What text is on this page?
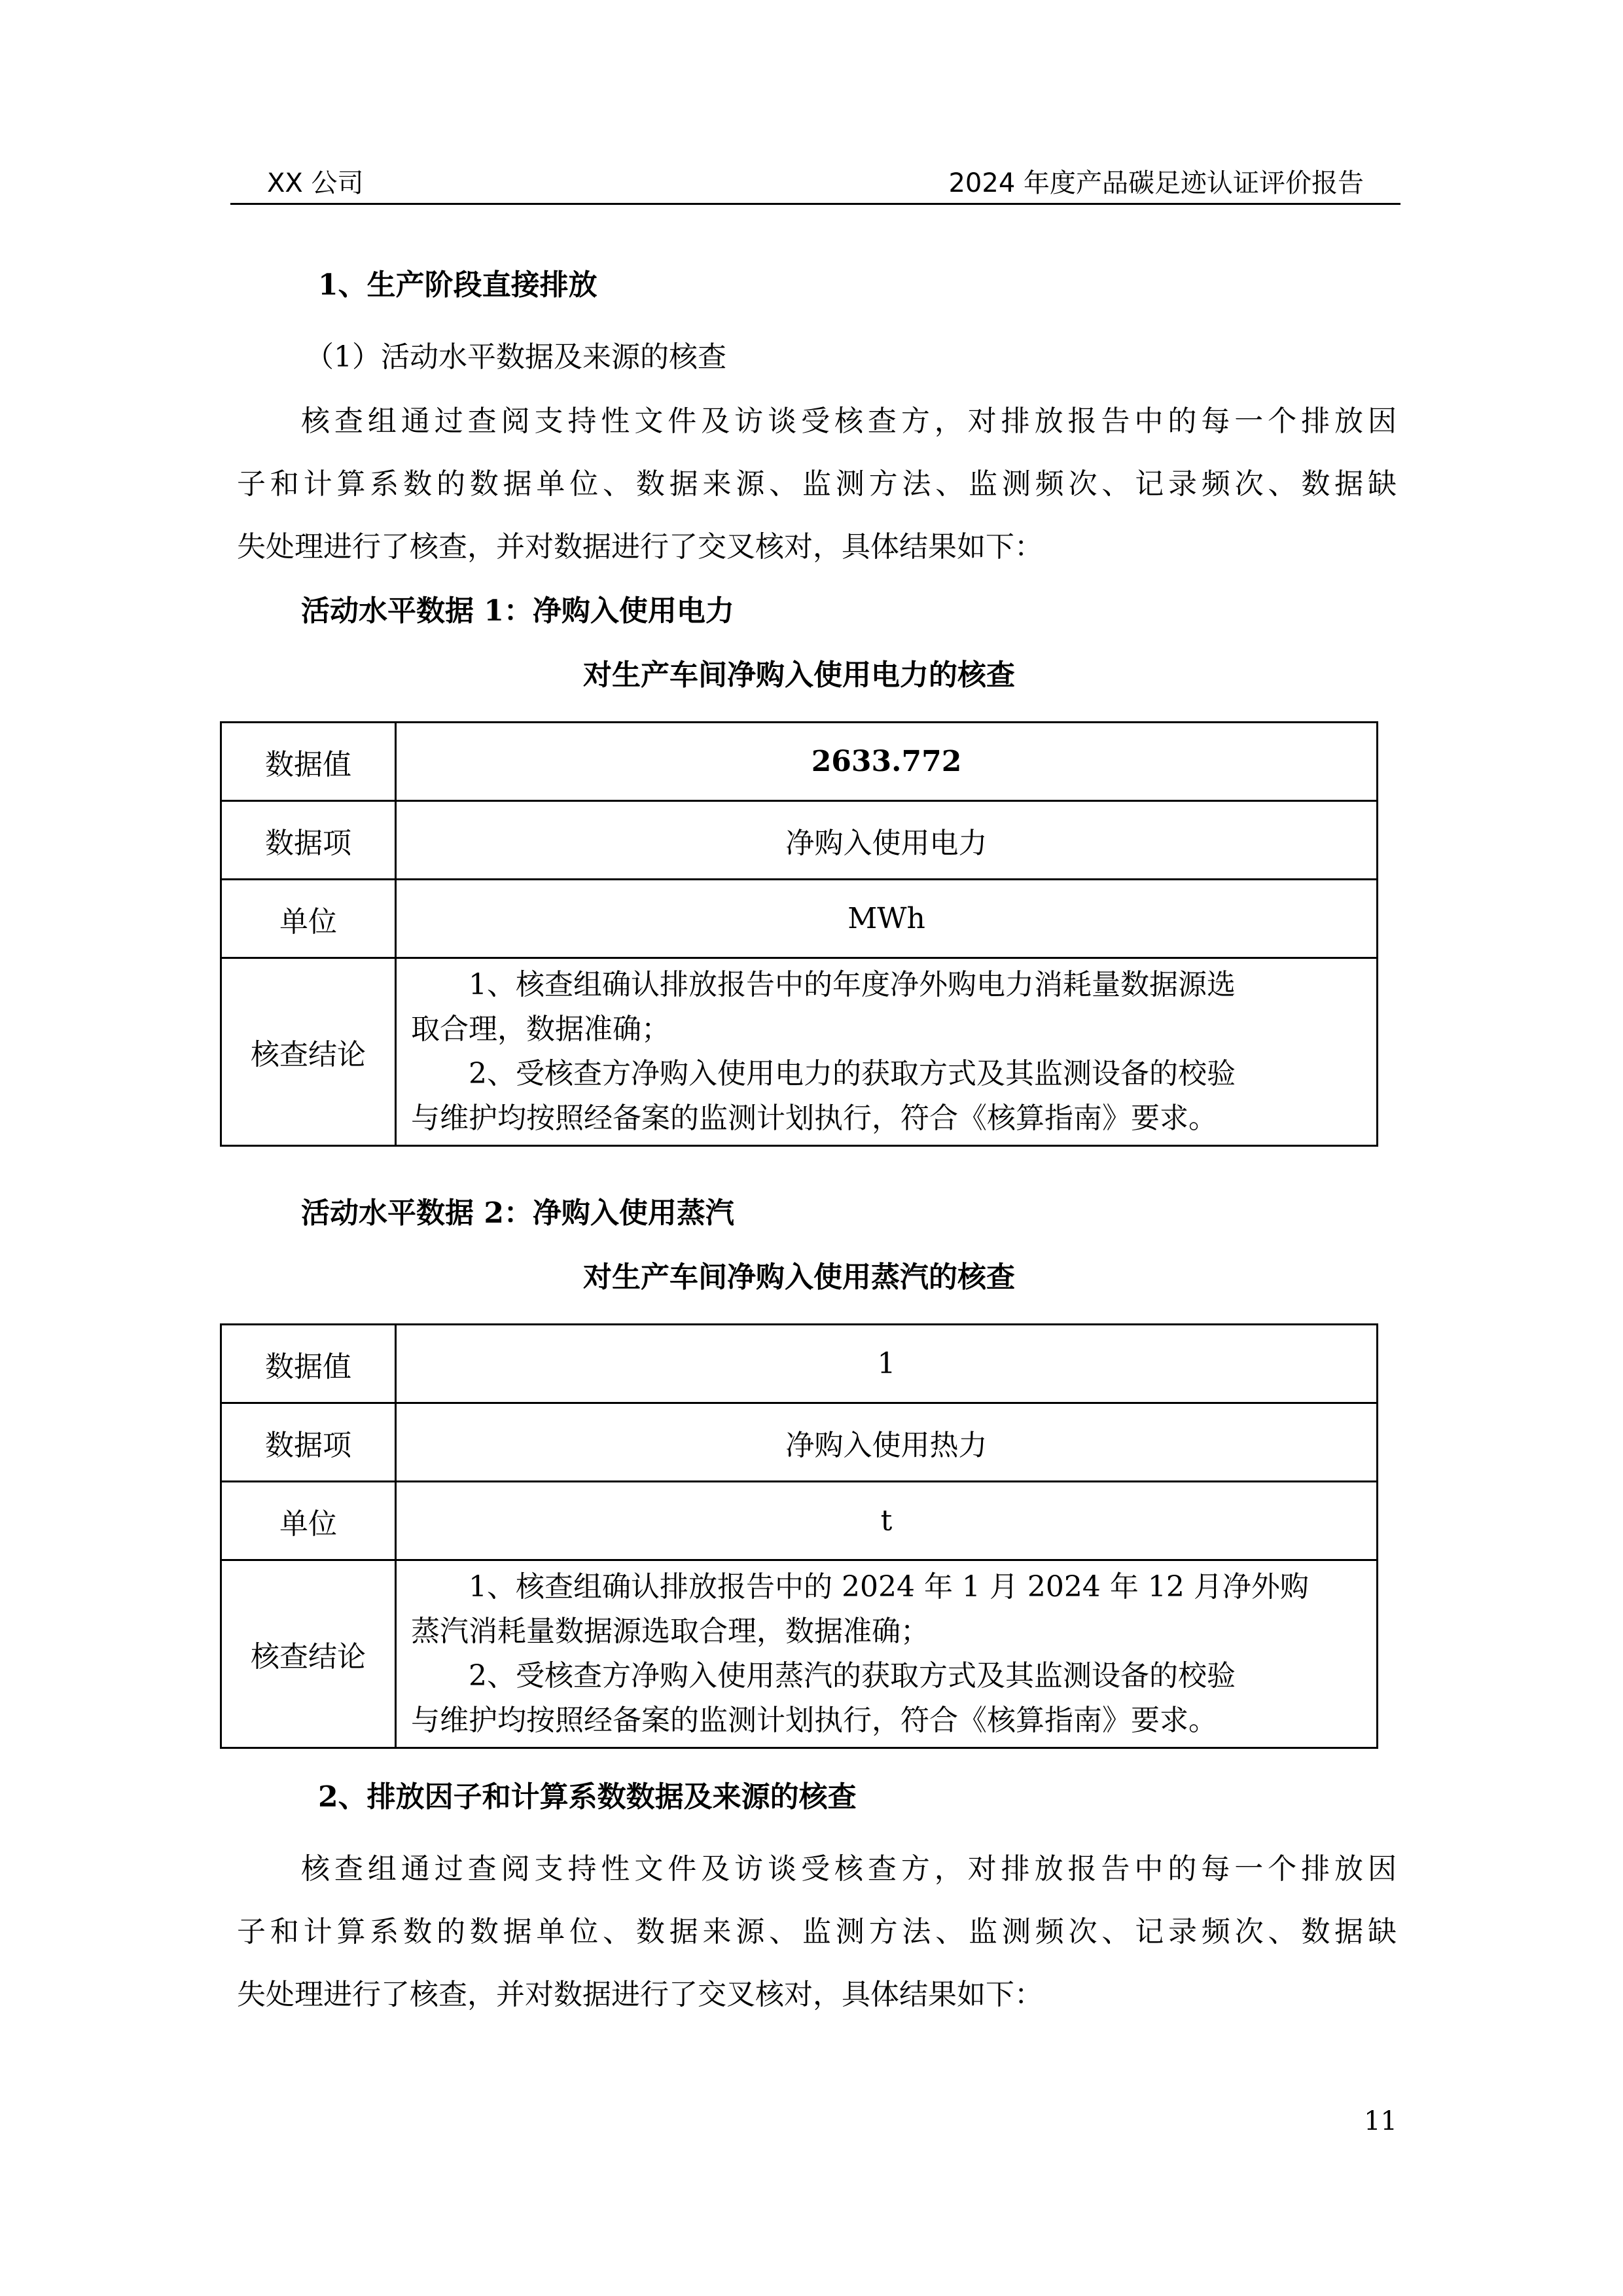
XX 公司	2024 年度产品碳足迹认证评价报告
1、生产阶段直接排放
（1）活动水平数据及来源的核查
核查组通过查阅支持性文件及访谈受核查方，对排放报告中的每一个排放因
子和计算系数的数据单位、数据来源、监测方法、监测频次、记录频次、数据缺
失处理进行了核查，并对数据进行了交叉核对，具体结果如下：
活动水平数据 1：净购入使用电力
对生产车间净购入使用电力的核查
数据值	2633.772
数据项	净购入使用电力
单位	MWh
核查结论	1、核查组确认排放报告中的年度净外购电力消耗量数据源选
取合理，数据准确；
2、受核查方净购入使用电力的获取方式及其监测设备的校验
与维护均按照经备案的监测计划执行，符合《核算指南》要求。
活动水平数据 2：净购入使用蒸汽
对生产车间净购入使用蒸汽的核查
数据值	1
数据项	净购入使用热力
单位	t
核查结论	1、核查组确认排放报告中的 2024 年 1 月 2024 年 12 月净外购
蒸汽消耗量数据源选取合理，数据准确；
2、受核查方净购入使用蒸汽的获取方式及其监测设备的校验
与维护均按照经备案的监测计划执行，符合《核算指南》要求。
2、排放因子和计算系数数据及来源的核查
核查组通过查阅支持性文件及访谈受核查方，对排放报告中的每一个排放因
子和计算系数的数据单位、数据来源、监测方法、监测频次、记录频次、数据缺
失处理进行了核查，并对数据进行了交叉核对，具体结果如下：
11
